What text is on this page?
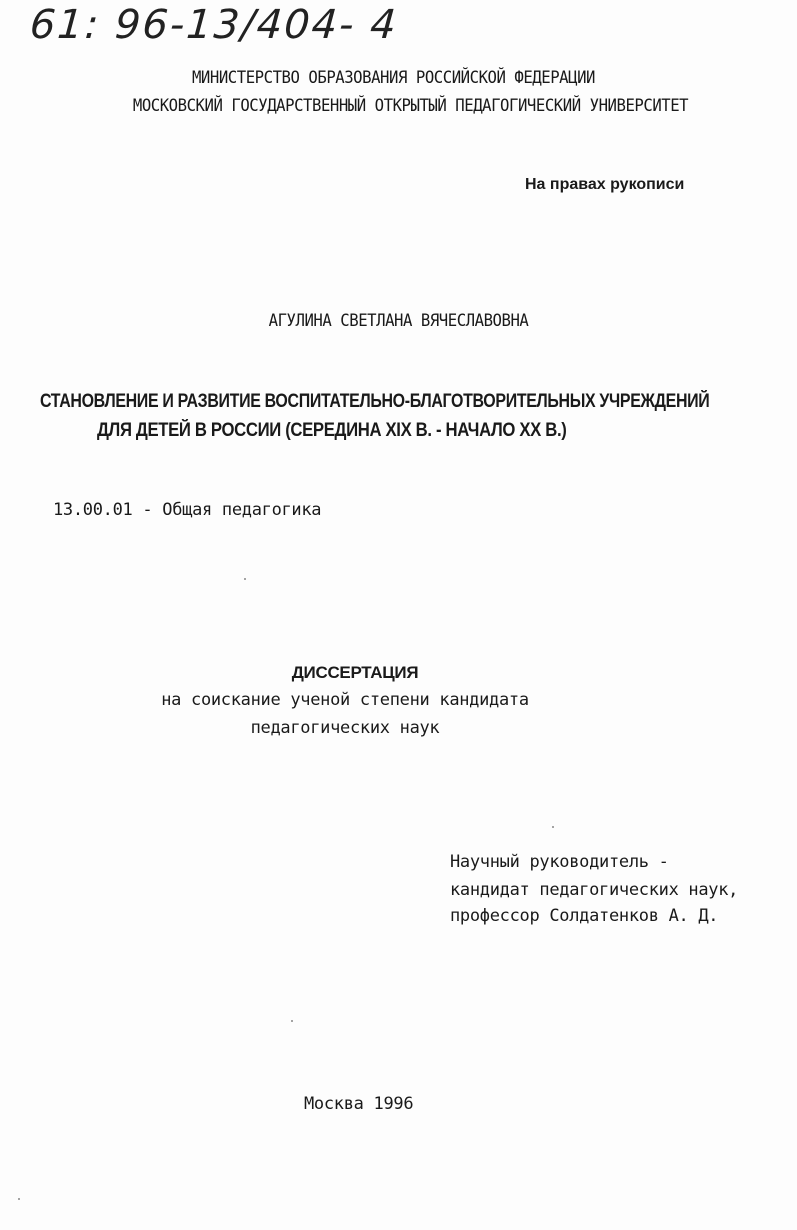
61: 96-13/404- 4
МИНИСТЕРСТВО ОБРАЗОВАНИЯ РОССИЙСКОЙ ФЕДЕРАЦИИ
МОСКОВСКИЙ ГОСУДАРСТВЕННЫЙ ОТКРЫТЫЙ ПЕДАГОГИЧЕСКИЙ УНИВЕРСИТЕТ
На правах рукописи
АГУЛИНА СВЕТЛАНА ВЯЧЕСЛАВОВНА
СТАНОВЛЕНИЕ И РАЗВИТИЕ ВОСПИТАТЕЛЬНО-БЛАГОТВОРИТЕЛЬНЫХ УЧРЕЖДЕНИЙ
ДЛЯ ДЕТЕЙ В РОССИИ (СЕРЕДИНА XIX В. - НАЧАЛО XX В.)
13.00.01 - Общая педагогика
ДИССЕРТАЦИЯ
на соискание ученой степени кандидата
педагогических наук
Научный руководитель -
кандидат педагогических наук,
профессор Солдатенков А. Д.
Москва 1996
